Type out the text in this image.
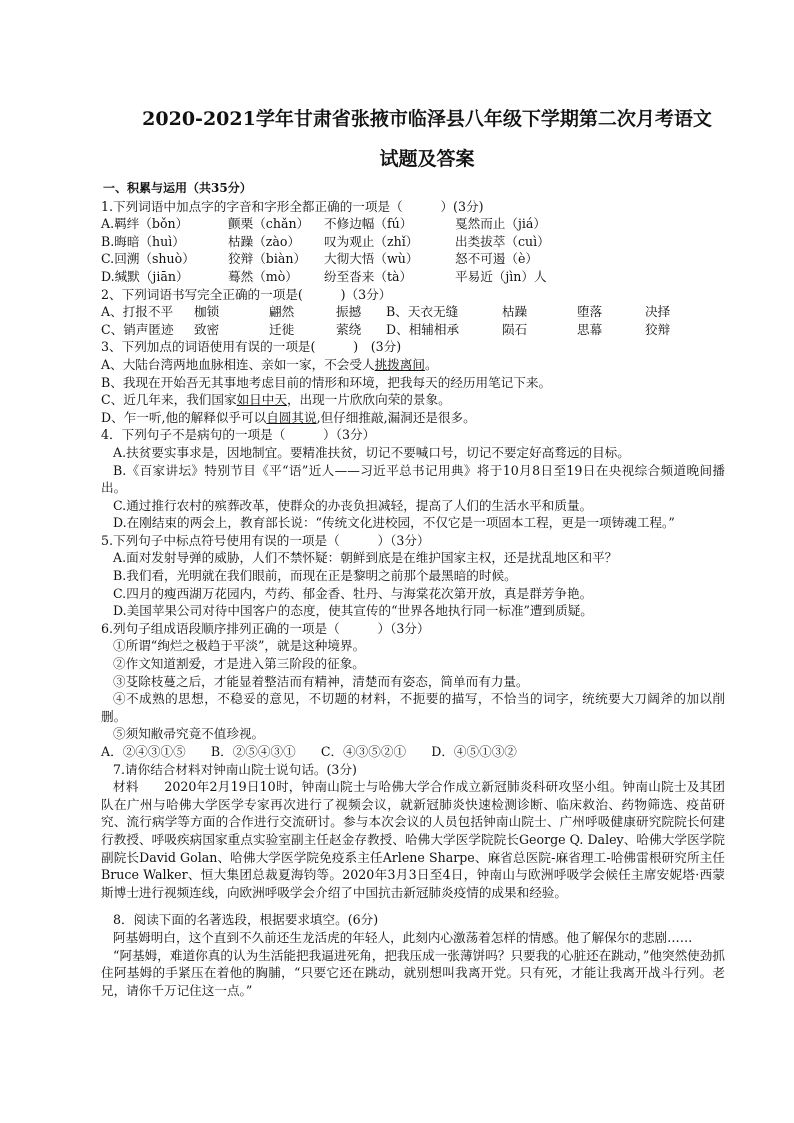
2020-2021学年甘肃省张掖市临泽县八年级下学期第二次月考语文
试题及答案
一、积累与运用（共35分）
1.下列词语中加点字的字音和字形全都正确的一项是（　　　）(3分)
A.羁绊（bǒn）	颤栗（chǎn）	不修边幅（fú）	戛然而止（jiá）
B.晦暗（huì）	枯躁（zào）	叹为观止（zhǐ）	出类拔萃（cuì）
C.回溯（shuò）	狡辩（biàn）	大彻大悟（wù）	怒不可遏（è）
D.缄默（jiān）	蓦然（mò）	纷至沓来（tà）	平易近（jìn）人
2、下列词语书写完全正确的一项是(　　　)（3分）
A、打报不平	枷锁	翩然	振撼	B、天衣无缝	枯躁	堕落	决择
C、销声匿迹	致密	迁徙	萦绕	D、相辅相承	陨石	思幕	狡辩
3、下列加点的词语使用有误的一项是(　　　)　(3分)
A、大陆台湾两地血脉相连、亲如一家，不会受人挑拨离间。
B、我现在开始吾无其事地考虑目前的情形和环境，把我每天的经历用笔记下来。
C、近几年来，我们国家如日中天，出现一片欣欣向荣的景象。
D、乍一听,他的解释似乎可以自圆其说,但仔细推敲,漏洞还是很多。
4．下列句子不是病句的一项是（　　　）（3分）
A.扶贫要实事求是，因地制宜。要精准扶贫，切记不要喊口号，切记不要定好高骛远的目标。
B.《百家讲坛》特别节目《平“语”近人——习近平总书记用典》将于10月8日至19日在央视综合频道晚间播出。
C.通过推行农村的殡葬改革，使群众的办丧负担减轻，提高了人们的生活水平和质量。
D.在刚结束的两会上，教育部长说：“传统文化进校园，不仅它是一项固本工程，更是一项铸魂工程。”
5.下列句子中标点符号使用有误的一项是（　　　）（3分）
A.面对发射导弹的威胁，人们不禁怀疑：朝鲜到底是在维护国家主权，还是扰乱地区和平？
B.我们看，光明就在我们眼前，而现在正是黎明之前那个最黑暗的时候。
C.四月的瘦西湖万花园内，芍药、郁金香、牡丹、与海棠花次第开放，真是群芳争艳。
D.美国苹果公司对待中国客户的态度，使其宣传的“世界各地执行同一标准”遭到质疑。
6.列句子组成语段顺序排列正确的一项是（　　　）（3分）
①所谓“绚烂之极趋于平淡”，就是这种境界。
②作文知道割爱，才是进入第三阶段的征象。
③芟除枝蔓之后，才能显着整洁而有精神，清楚而有姿态，简单而有力量。
④不成熟的思想，不稳妥的意见，不切题的材料，不扼要的描写，不恰当的词字，统统要大刀阔斧的加以削删。
⑤须知敝帚究竟不值珍视。
A．②④③①⑤　　B．②⑤④③①　　C．④③⑤②①　　D．④⑤①③②
7.请你结合材料对钟南山院士说句话。(3分)
材料　　2020年2月19日10时，钟南山院士与哈佛大学合作成立新冠肺炎科研攻坚小组。钟南山院士及其团队在广州与哈佛大学医学专家再次进行了视频会议，就新冠肺炎快速检测诊断、临床救治、药物筛选、疫苗研究、流行病学等方面的合作进行交流研讨。参与本次会议的人员包括钟南山院士、广州呼吸健康研究院院长何建行教授、呼吸疾病国家重点实验室副主任赵金存教授、哈佛大学医学院院长George Q. Daley、哈佛大学医学院副院长David Golan、哈佛大学医学院免疫系主任Arlene Sharpe、麻省总医院-麻省理工-哈佛雷根研究所主任Bruce Walker、恒大集团总裁夏海钧等。2020年3月3日至4日，钟南山与欧洲呼吸学会候任主席安妮塔·西蒙斯博士进行视频连线，向欧洲呼吸学会介绍了中国抗击新冠肺炎疫情的成果和经验。
8．阅读下面的名著选段，根据要求填空。(6分)
阿基姆明白，这个直到不久前还生龙活虎的年轻人，此刻内心激荡着怎样的情感。他了解保尔的悲剧……
“阿基姆，难道你真的认为生活能把我逼进死角，把我压成一张薄饼吗？只要我的心脏还在跳动，”他突然使劲抓住阿基姆的手紧压在着他的胸脯，“只要它还在跳动，就别想叫我离开党。只有死，才能让我离开战斗行列。老兄，请你千万记住这一点。”
